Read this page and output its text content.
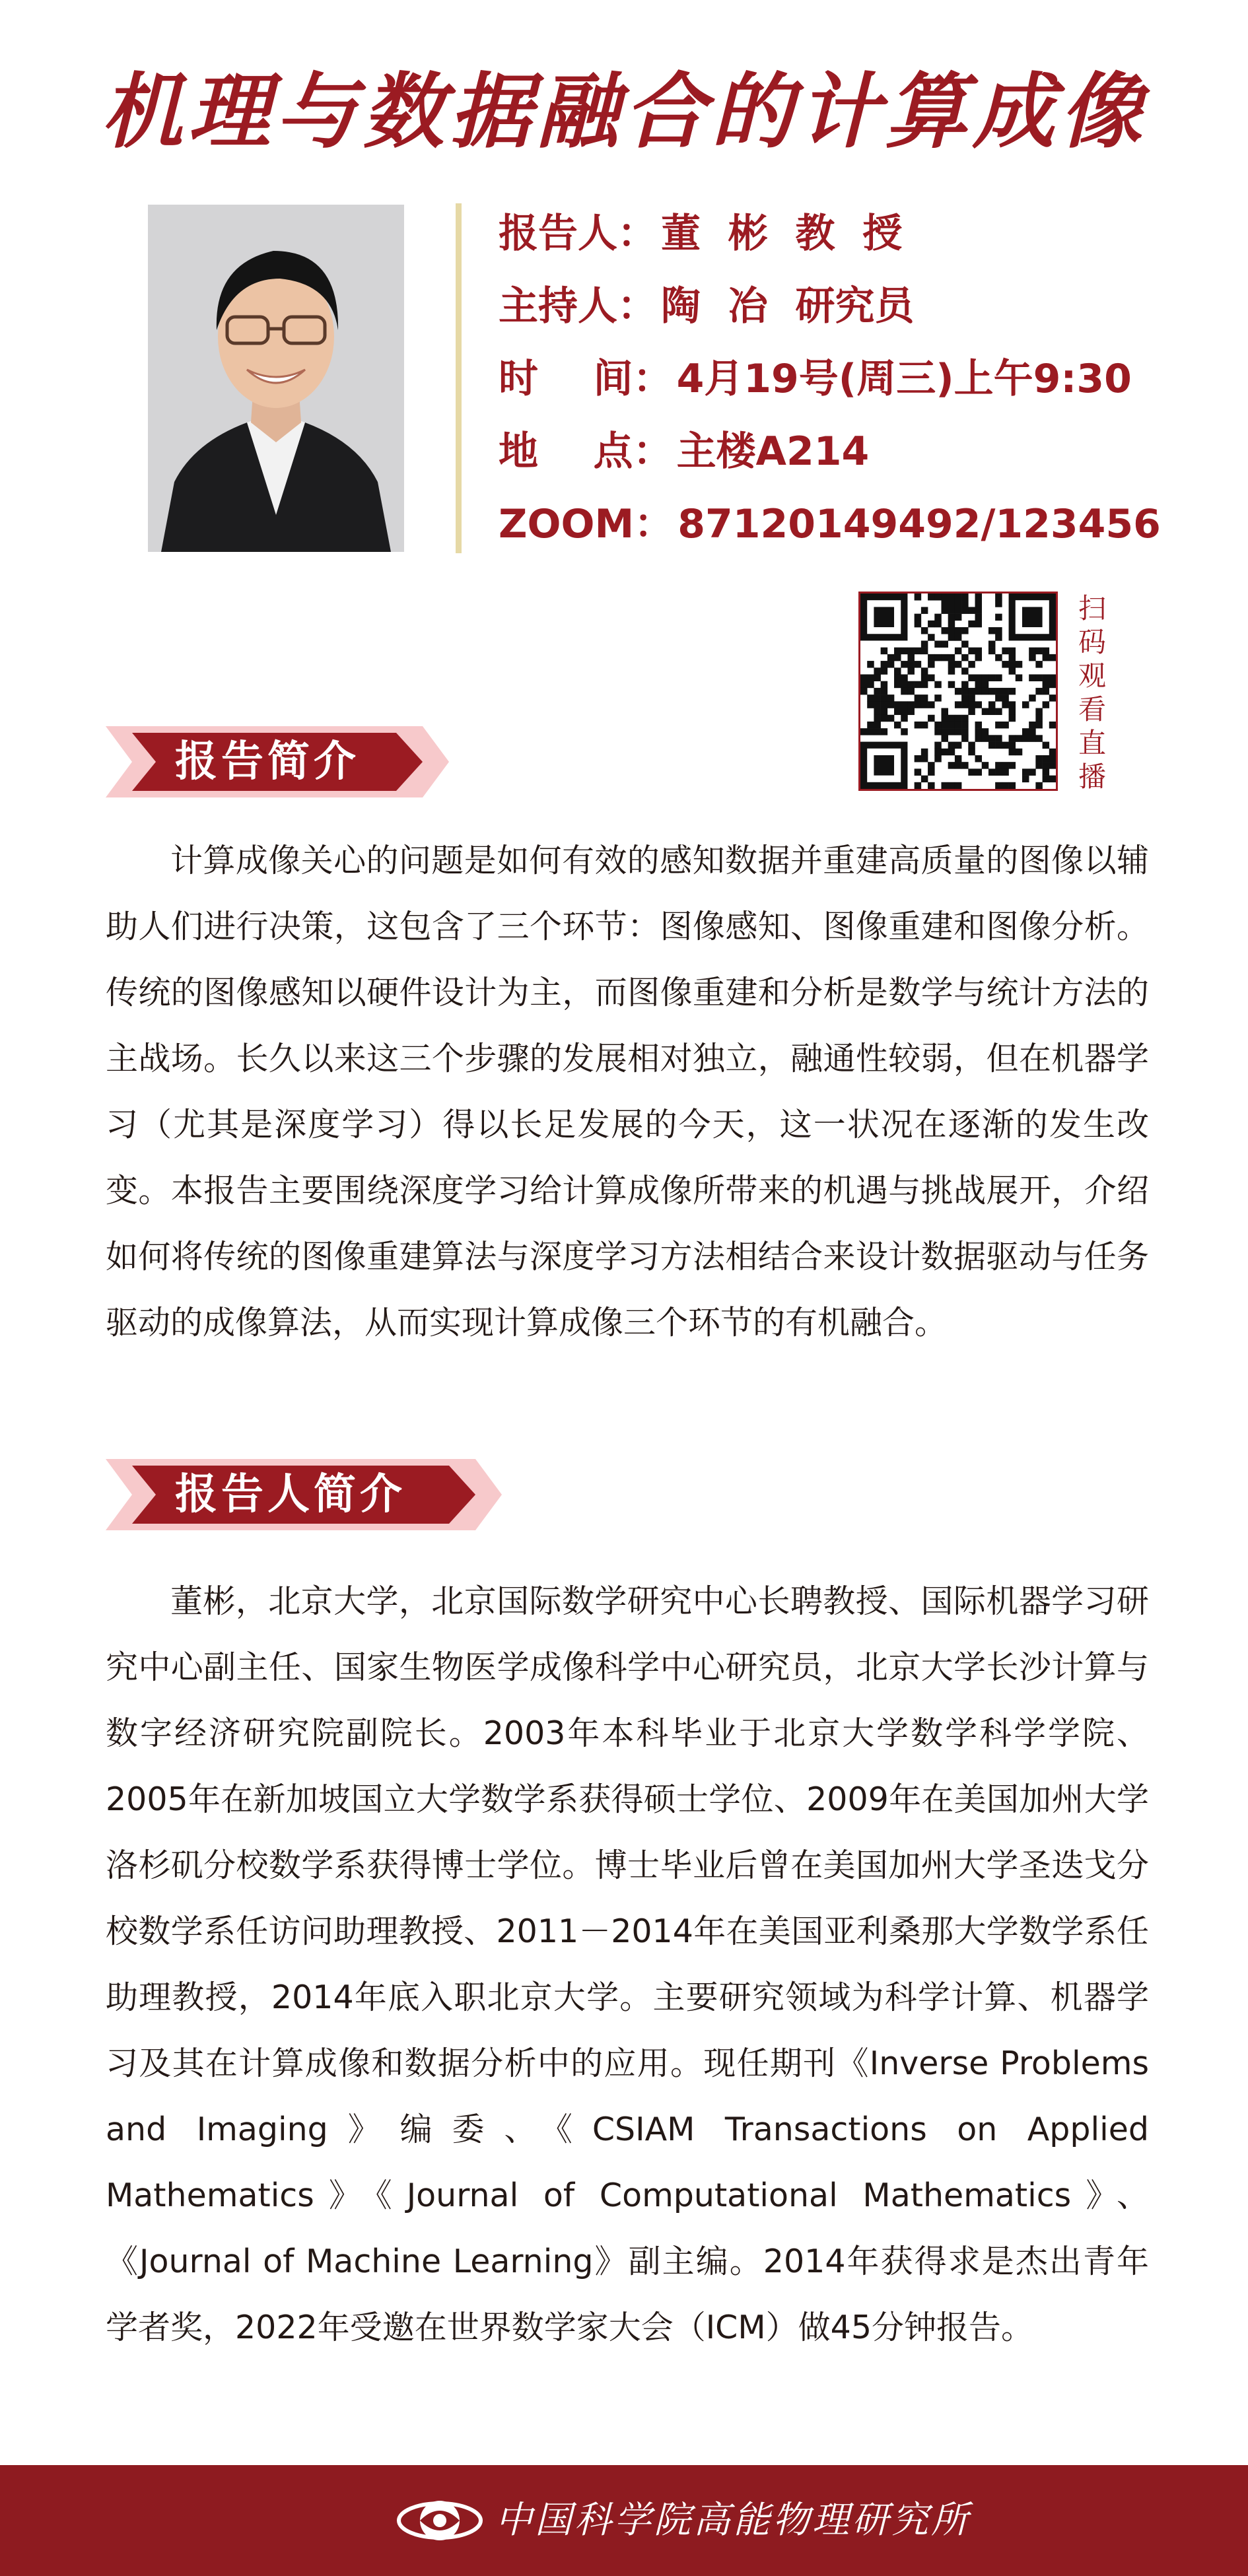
机理与数据融合的计算成像
报告人： 董  彬  教  授
主持人： 陶  冶  研究员
时    间： 4月19号(周三)上午9:30
地    点： 主楼A214
ZOOM： 87120149492/123456
扫码观看直播
报告简介

计算成像关心的问题是如何有效的感知数据并重建高质量的图像以辅助人们进行决策，这包含了三个环节：图像感知、图像重建和图像分析。传统的图像感知以硬件设计为主，而图像重建和分析是数学与统计方法的主战场。长久以来这三个步骤的发展相对独立，融通性较弱，但在机器学习（尤其是深度学习）得以长足发展的今天，这一状况在逐渐的发生改变。本报告主要围绕深度学习给计算成像所带来的机遇与挑战展开，介绍如何将传统的图像重建算法与深度学习方法相结合来设计数据驱动与任务驱动的成像算法，从而实现计算成像三个环节的有机融合。

报告人简介

董彬，北京大学，北京国际数学研究中心长聘教授、国际机器学习研究中心副主任、国家生物医学成像科学中心研究员，北京大学长沙计算与数字经济研究院副院长。2003年本科毕业于北京大学数学科学学院、2005年在新加坡国立大学数学系获得硕士学位、2009年在美国加州大学洛杉矶分校数学系获得博士学位。博士毕业后曾在美国加州大学圣迭戈分校数学系任访问助理教授、2011－2014年在美国亚利桑那大学数学系任助理教授，2014年底入职北京大学。主要研究领域为科学计算、机器学习及其在计算成像和数据分析中的应用。现任期刊《Inverse Problems and Imaging》编委、《CSIAM Transactions on Applied Mathematics》《Journal of Computational Mathematics》、《Journal of Machine Learning》副主编。2014年获得求是杰出青年学者奖，2022年受邀在世界数学家大会（ICM）做45分钟报告。

中国科学院高能物理研究所
